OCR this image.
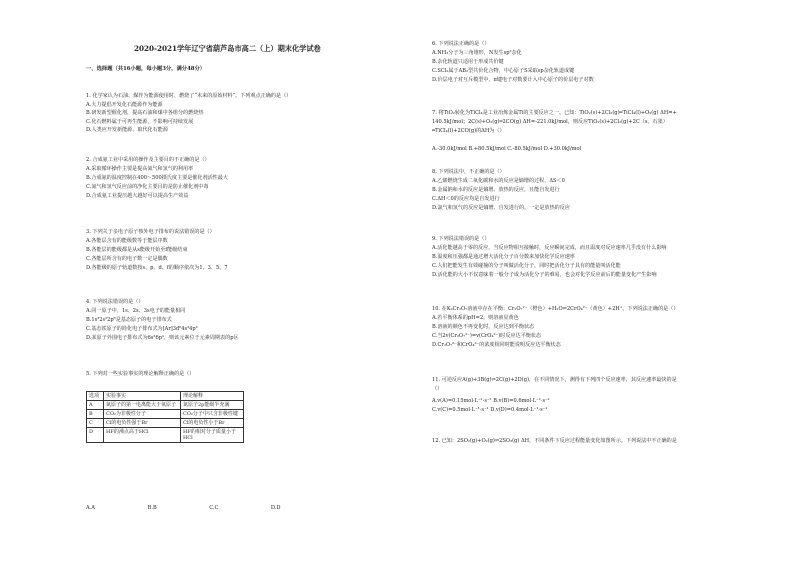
2020-2021学年辽宁省葫芦岛市高二（上）期末化学试卷
一、选择题（共16小题，每小题3分，满分48分）
1. 化学家认为石油、煤作为能源使用时，燃烧了“未来的原始材料”。下列观点正确的是（）
A.大力提倡开发化石能源作为能源
B.研发新型催化剂，提高石油和煤中各组分的燃烧热
C.化石燃料属于可再生能源，不影响可持续发展
D.人类应开发新能源，取代化石能源
2. 合成氨工业中采用的操作及主要目的不正确的是（）
A.采取循环操作主要是提高氮气和氢气的利用率
B.合成氨的温度控制在400～500摄氏度主要是催化剂活性最大
C.氮气和氢气反应前的净化主要目的是防止催化剂中毒
D.合成氨工业提压越大越好可以提高生产效益
3. 下列关于多电子原子核外电子排布的说法错误的是（）
A.各能层含有的能级数等于能层序数
B.各能层的能级都是从s能级开始至f能级结束
C.各能层所含有的电子数一定是偶数
D.各能级的原子轨道数按s、p、d、f的顺序依次为1、3、5、7
4. 下列说法错误的是（）
A.同一原子中，1s、2s、3s电子的能量相同
B.1s²2s²2p⁶是基态原子的电子排布式
C.基态铁原子的简化电子排布式为[Ar]3d⁶4s²4p²
D.某原子外围电子排布式为6s²6p¹，则该元素位于元素周期表的p区
5. 下列对一些实验事实的理论解释正确的是（）
选项	实验事实	理论解释
A	氮原子的第一电离能大于氧原子	氮原子2p能级半充满
B	CO₂为非极性分子	CO₂分子中只含非极性键
C	Cl的电负性强于Br	Cl的电负性小于Br
D	HF的沸点高于HCl	HF的相对分子质量小于HCl
A.A	B.B	C.C	D.D
6. 下列说法正确的是（）
A.NH₃分子为三角锥形，N发生sp²杂化
B.杂化轨道只适用于形成共价键
C.SCl₂属于AB₂型共价化合物，中心原子S采取sp杂化轨道成键
D.价层电子对互斥模型中，π键电子对数要计入中心原子的价层电子对数
7. 将TiO₂转化为TiCl₄是工业冶炼金属Ti的主要反应之一。已知：TiO₂(s)+2Cl₂(g)═TiCl₄(l)+O₂(g) ΔH=+
140.5kJ/mol；2C(s)+O₂(g)═2CO(g) ΔH=-221.0kJ/mol，则反应TiO₂(s)+2Cl₂(g)+2C（s，石墨）
═TiCl₄(l)+2CO(g)的ΔH为（）
A.-30.0kJ/mol B.+80.5kJ/mol C.-80.5kJ/mol D.+30.0kJ/mol
8. 下列说法中，不正确的是（）
A.乙烯燃烧生成二氧化碳和水的反应是熵增的过程，ΔS＜0
B.金属钠和水的反应是熵增、放热的反应，且能自发进行
C.ΔH＜0的反应均是自发进行
D.氯气和氢气的反应是熵增、自发进行的，一定是放热的反应
9. 下列说法错误的是（）
A.活化能越高于零的反应，当反应物相互接触时，反应瞬间完成，而且温度对反应速率几乎没有什么影响
B.温度和压强都是通过增大活化分子百分数来加快化学反应速率
C.人们把能发生有效碰撞的分子叫做活化分子，同时把活化分子具有的能量叫活化能
D.活化能的大小不仅意味着一般分子成为活化分子的难易，也会对化学反应前后的能量变化产生影响
10. 在K₂Cr₂O₇溶液中存在平衡：Cr₂O₇²⁻（橙色）+H₂O⇌2CrO₄²⁻（黄色）+2H⁺。下列说法正确的是（）
A.若平衡体系的pH=2，则溶液显黄色
B.溶液的颜色不再变化时，反应达到平衡状态
C.当2v(Cr₂O₇²⁻)=v(CrO₄²⁻)时反应达平衡状态
D.Cr₂O₇²⁻和CrO₄²⁻的浓度相同时能说明反应达平衡状态
11. 可逆反应A(g)+3B(g)⇌2C(g)+2D(g)，在不同情况下，测得有下列四个反应速率，其反应速率最快的是
（）
A.v(A)=0.15mol·L⁻¹·s⁻¹ B.v(B)=0.6mol·L⁻¹·s⁻¹
C.v(C)=0.5mol·L⁻¹·s⁻¹ D.v(D)=0.4mol·L⁻¹·s⁻¹
12. 已知：2SO₂(g)+O₂(g)⇌2SO₃(g) ΔH，不同条件下反应过程能量变化如图所示。下列说法中不正确的是
